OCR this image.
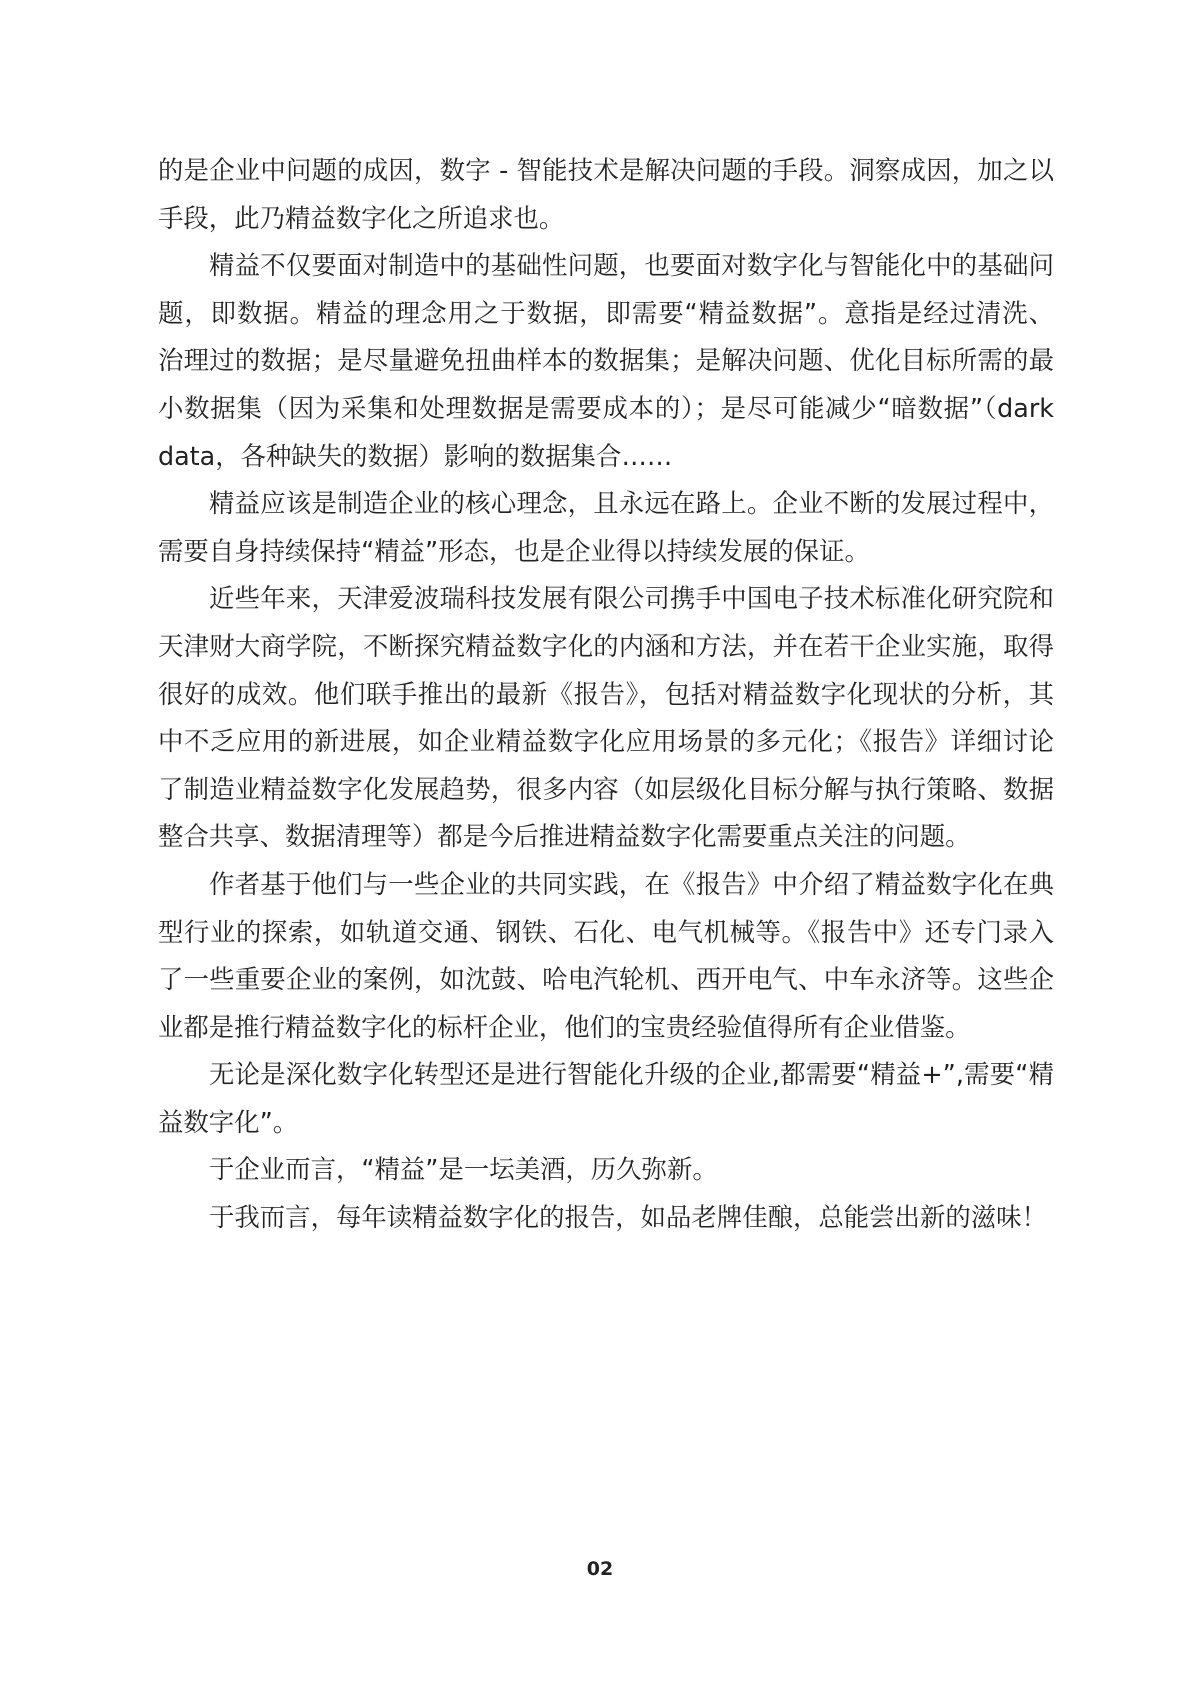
的是企业中问题的成因，数字 - 智能技术是解决问题的手段。洞察成因，加之以
手段，此乃精益数字化之所追求也。
精益不仅要面对制造中的基础性问题，也要面对数字化与智能化中的基础问
题，即数据。精益的理念用之于数据，即需要“精益数据”。意指是经过清洗、
治理过的数据；是尽量避免扭曲样本的数据集；是解决问题、优化目标所需的最
小数据集（因为采集和处理数据是需要成本的）；是尽可能减少“暗数据”（dark
data，各种缺失的数据）影响的数据集合……
精益应该是制造企业的核心理念，且永远在路上。企业不断的发展过程中，
需要自身持续保持“精益”形态，也是企业得以持续发展的保证。
近些年来，天津爱波瑞科技发展有限公司携手中国电子技术标准化研究院和
天津财大商学院，不断探究精益数字化的内涵和方法，并在若干企业实施，取得
很好的成效。他们联手推出的最新《报告》，包括对精益数字化现状的分析，其
中不乏应用的新进展，如企业精益数字化应用场景的多元化；《报告》详细讨论
了制造业精益数字化发展趋势，很多内容（如层级化目标分解与执行策略、数据
整合共享、数据清理等）都是今后推进精益数字化需要重点关注的问题。
作者基于他们与一些企业的共同实践，在《报告》中介绍了精益数字化在典
型行业的探索，如轨道交通、钢铁、石化、电气机械等。《报告中》还专门录入
了一些重要企业的案例，如沈鼓、哈电汽轮机、西开电气、中车永济等。这些企
业都是推行精益数字化的标杆企业，他们的宝贵经验值得所有企业借鉴。
无论是深化数字化转型还是进行智能化升级的企业,都需要“精益+”,需要“精
益数字化”。
于企业而言，“精益”是一坛美酒，历久弥新。
于我而言，每年读精益数字化的报告，如品老牌佳酿，总能尝出新的滋味！
02
